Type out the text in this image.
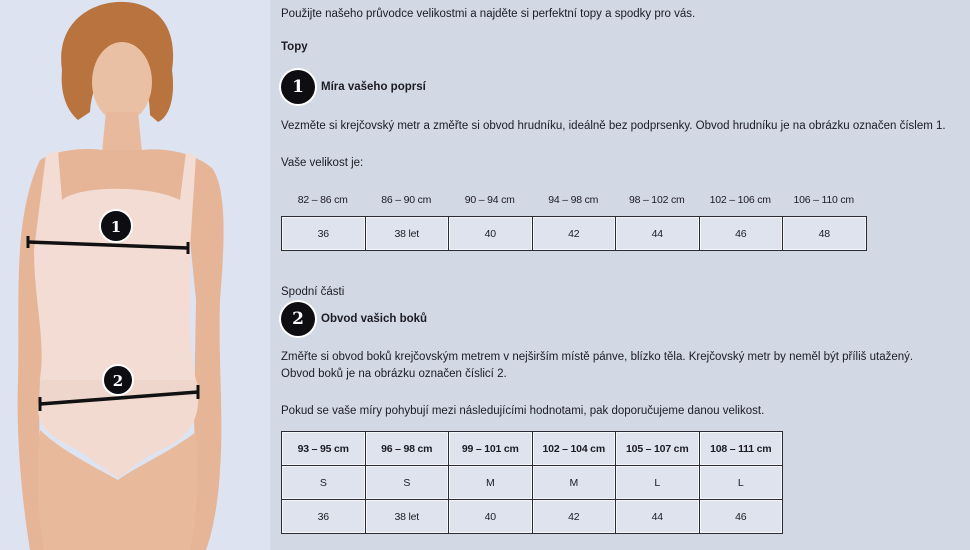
1
2
Použijte našeho průvodce velikostmi a najděte si perfektní topy a spodky pro vás.
Topy
1	Míra vašeho poprsí
Vezměte si krejčovský metr a změřte si obvod hrudníku, ideálně bez podprsenky. Obvod hrudníku je na obrázku označen číslem 1.
Vaše velikost je:
82 – 86 cm	86 – 90 cm	90 – 94 cm	94 – 98 cm	98 – 102 cm	102 – 106 cm	106 – 110 cm
36	38 let	40	42	44	46	48
Spodní části
2	Obvod vašich boků
Změřte si obvod boků krejčovským metrem v nejširším místě pánve, blízko těla. Krejčovský metr by neměl být příliš utažený.
Obvod boků je na obrázku označen číslicí 2.
Pokud se vaše míry pohybují mezi následujícími hodnotami, pak doporučujeme danou velikost.
93 – 95 cm	96 – 98 cm	99 – 101 cm	102 – 104 cm	105 – 107 cm	108 – 111 cm
S	S	M	M	L	L
36	38 let	40	42	44	46
